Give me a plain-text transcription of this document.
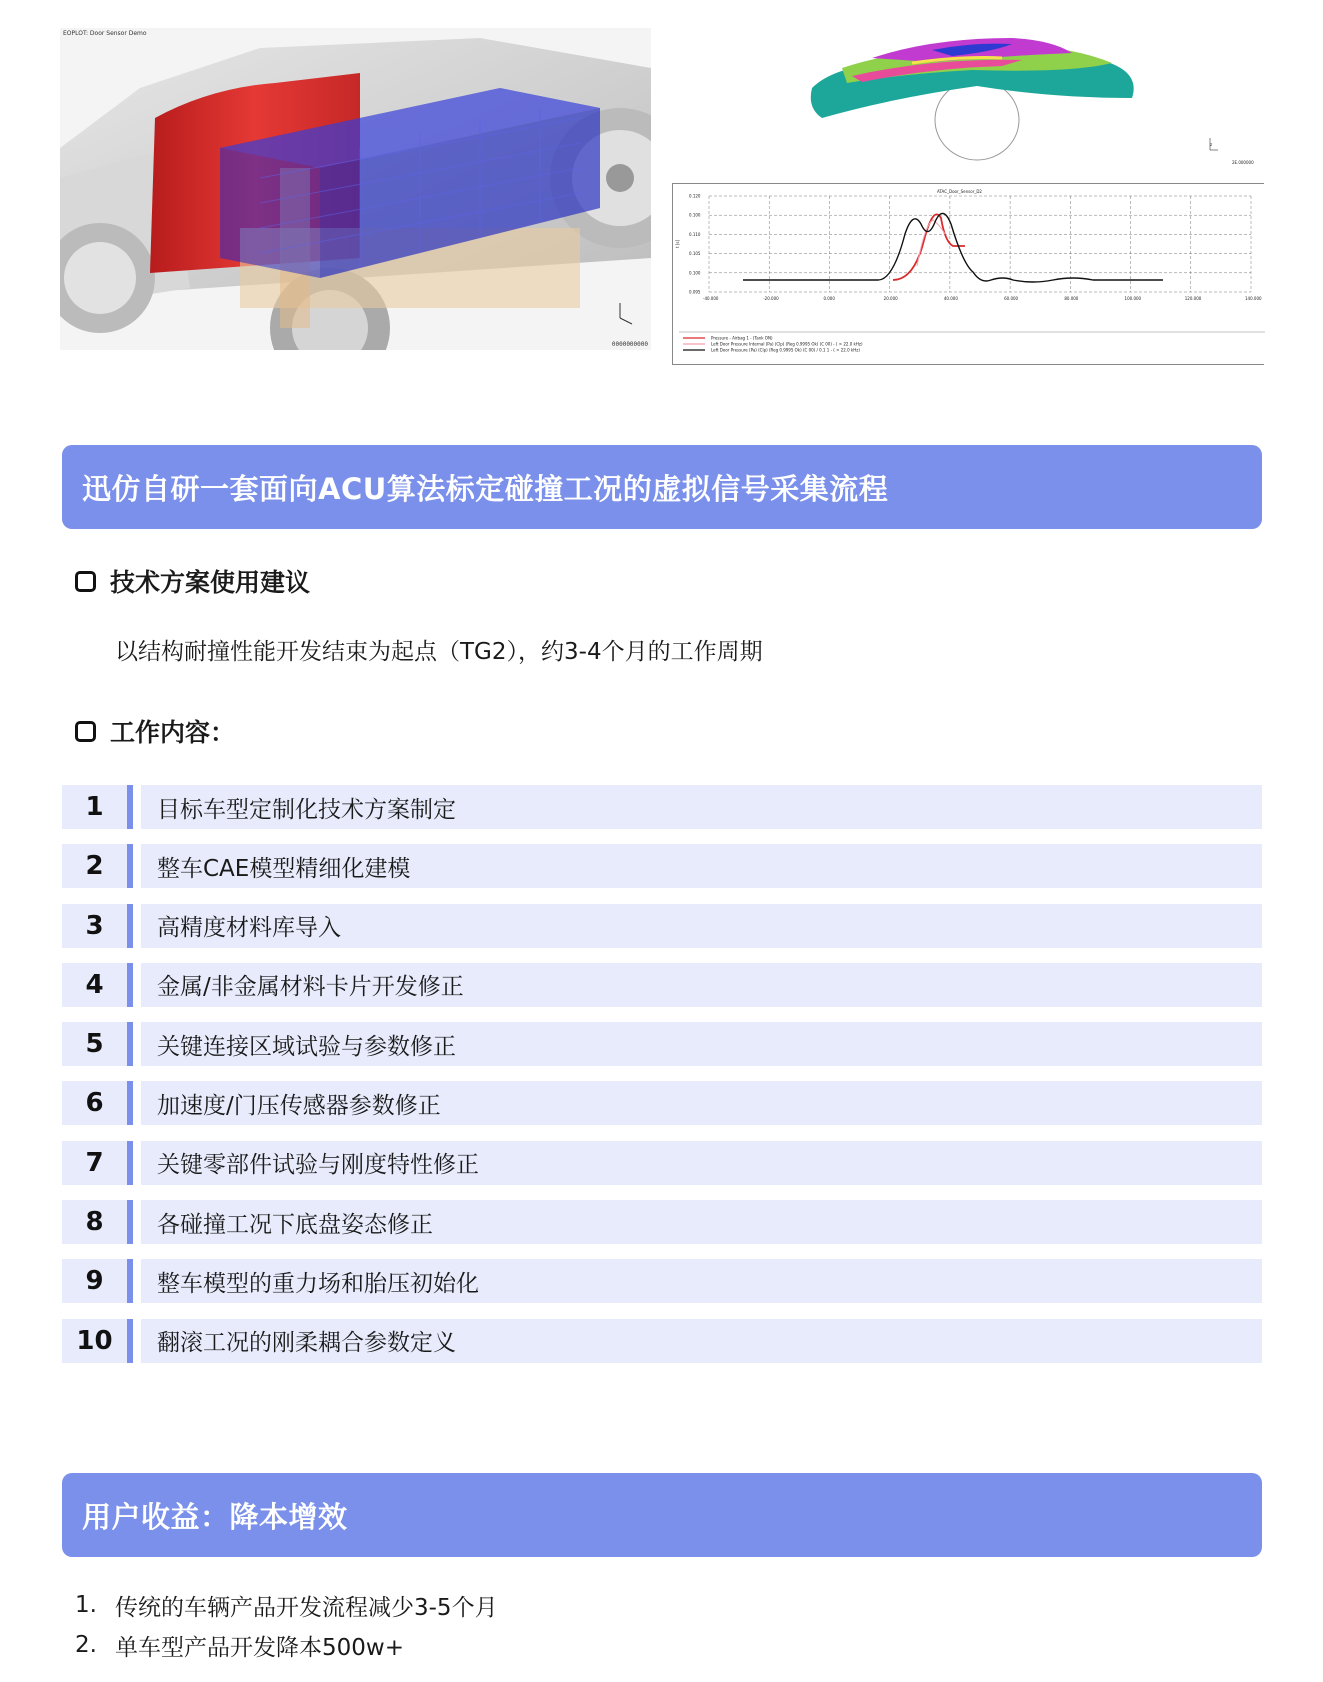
EOPLOT: Door Sensor Demo
0000000000
z
2E.000000
ATAC_Door_Sensor_D2
t [s]
0.120
0.100
0.110
0.105
0.100
0.095
-40.000	-20.000	0.000	20.000	40.000	60.000	80.000	100.000	120.000	140.000
Pressure - Airbag 1 - (Tank ON)
Left Door Pressure Internal (Pa) (Clp) (Reg 0.9995 Ok) (C 00) - ( > 22.0 kHz)
Left Door Pressure (Pa) (Clp) (Reg 0.9995 Ok) (C 00) / 0.1 1 - ( > 22.0 kHz)
迅仿自研一套面向ACU算法标定碰撞工况的虚拟信号采集流程
技术方案使用建议
以结构耐撞性能开发结束为起点（TG2），约3-4个月的工作周期
工作内容：
1	目标车型定制化技术方案制定
2	整车CAE模型精细化建模
3	高精度材料库导入
4	金属/非金属材料卡片开发修正
5	关键连接区域试验与参数修正
6	加速度/门压传感器参数修正
7	关键零部件试验与刚度特性修正
8	各碰撞工况下底盘姿态修正
9	整车模型的重力场和胎压初始化
10	翻滚工况的刚柔耦合参数定义
用户收益：降本增效
1. 传统的车辆产品开发流程减少3-5个月
2. 单车型产品开发降本500w+
